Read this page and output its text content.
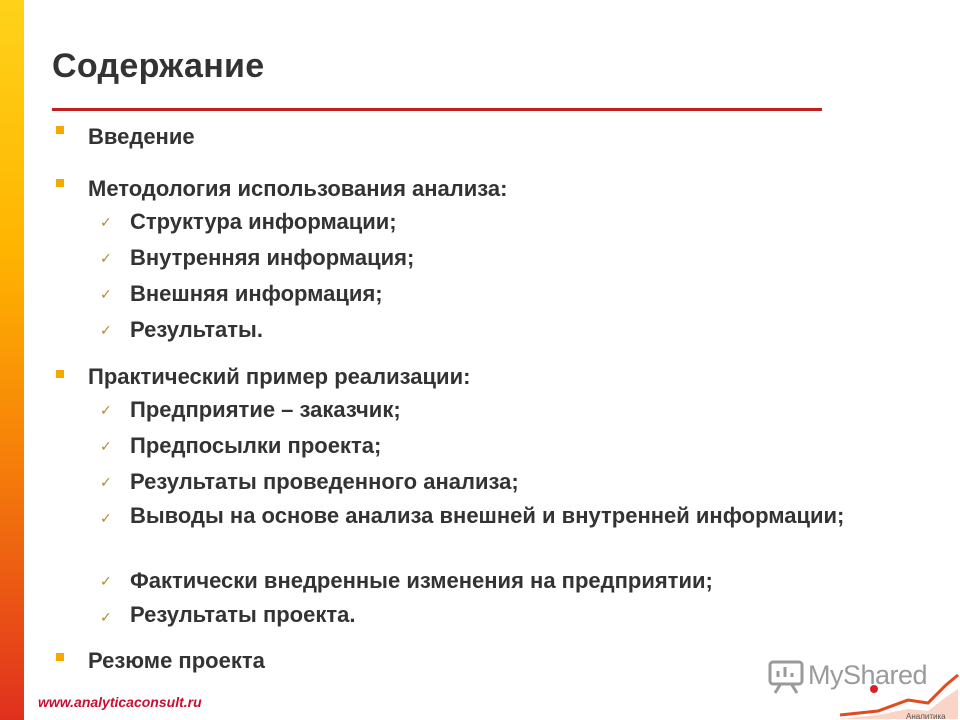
Содержание
Введение
Методология использования анализа:
✓ Структура информации;
✓ Внутренняя информация;
✓ Внешняя информация;
✓ Результаты.
Практический пример реализации:
✓ Предприятие – заказчик;
✓ Предпосылки проекта;
✓ Результаты проведенного анализа;
✓ Выводы на основе анализа внешней и внутренней информации;
✓ Фактически внедренные изменения на предприятии;
✓ Результаты проекта.
Резюме проекта
www.analyticaconsult.ru
Аналитика
MyShared
